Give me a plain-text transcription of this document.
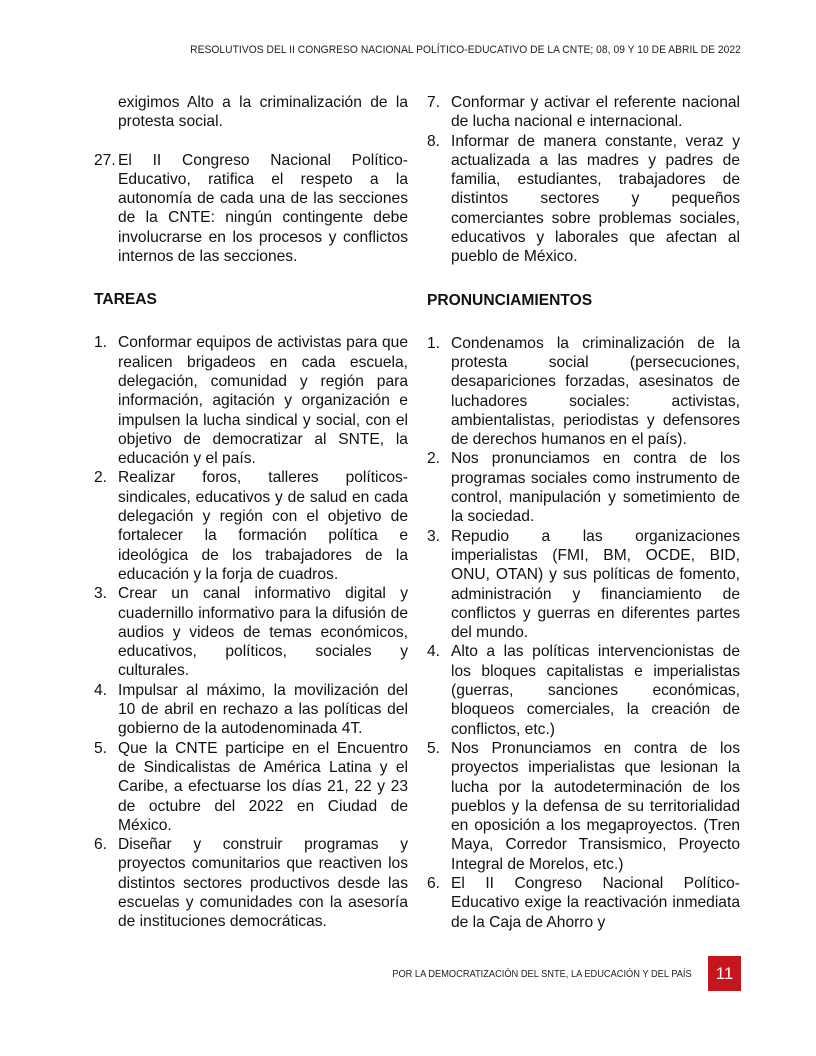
RESOLUTIVOS DEL II CONGRESO NACIONAL POLÍTICO-EDUCATIVO DE LA CNTE; 08, 09 Y 10 DE ABRIL DE 2022

exigimos Alto a la criminalización de la protesta social.

27. El II Congreso Nacional Político-Educativo, ratifica el respeto a la autonomía de cada una de las secciones de la CNTE: ningún contingente debe involucrarse en los procesos y conflictos internos de las secciones.
TAREAS
1. Conformar equipos de activistas para que realicen brigadeos en cada escuela, delegación, comunidad y región para información, agitación y organización e impulsen la lucha sindical y social, con el objetivo de democratizar al SNTE, la educación y el país.
2. Realizar foros, talleres políticos-sindicales, educativos y de salud en cada delegación y región con el objetivo de fortalecer la formación política e ideológica de los trabajadores de la educación y la forja de cuadros.
3. Crear un canal informativo digital y cuadernillo informativo para la difusión de audios y videos de temas económicos, educativos, políticos, sociales y culturales.
4. Impulsar al máximo, la movilización del 10 de abril en rechazo a las políticas del gobierno de la autodenominada 4T.
5. Que la CNTE participe en el Encuentro de Sindicalistas de América Latina y el Caribe, a efectuarse los días 21, 22 y 23 de octubre del 2022 en Ciudad de México.
6. Diseñar y construir programas y proyectos comunitarios que reactiven los distintos sectores productivos desde las escuelas y comunidades con la asesoría de instituciones democráticas.
7. Conformar y activar el referente nacional de lucha nacional e internacional.
8. Informar de manera constante, veraz y actualizada a las madres y padres de familia, estudiantes, trabajadores de distintos sectores y pequeños comerciantes sobre problemas sociales, educativos y laborales que afectan al pueblo de México.
PRONUNCIAMIENTOS
1. Condenamos la criminalización de la protesta social (persecuciones, desapariciones forzadas, asesinatos de luchadores sociales: activistas, ambientalistas, periodistas y defensores de derechos humanos en el país).
2. Nos pronunciamos en contra de los programas sociales como instrumento de control, manipulación y sometimiento de la sociedad.
3. Repudio a las organizaciones imperialistas (FMI, BM, OCDE, BID, ONU, OTAN) y sus políticas de fomento, administración y financiamiento de conflictos y guerras en diferentes partes del mundo.
4. Alto a las políticas intervencionistas de los bloques capitalistas e imperialistas (guerras, sanciones económicas, bloqueos comerciales, la creación de conflictos, etc.)
5. Nos Pronunciamos en contra de los proyectos imperialistas que lesionan la lucha por la autodeterminación de los pueblos y la defensa de su territorialidad en oposición a los megaproyectos. (Tren Maya, Corredor Transismico, Proyecto Integral de Morelos, etc.)
6. El II Congreso Nacional Político-Educativo exige la reactivación inmediata de la Caja de Ahorro y
POR LA DEMOCRATIZACIÓN DEL SNTE, LA EDUCACIÓN Y DEL PAÍS	11
